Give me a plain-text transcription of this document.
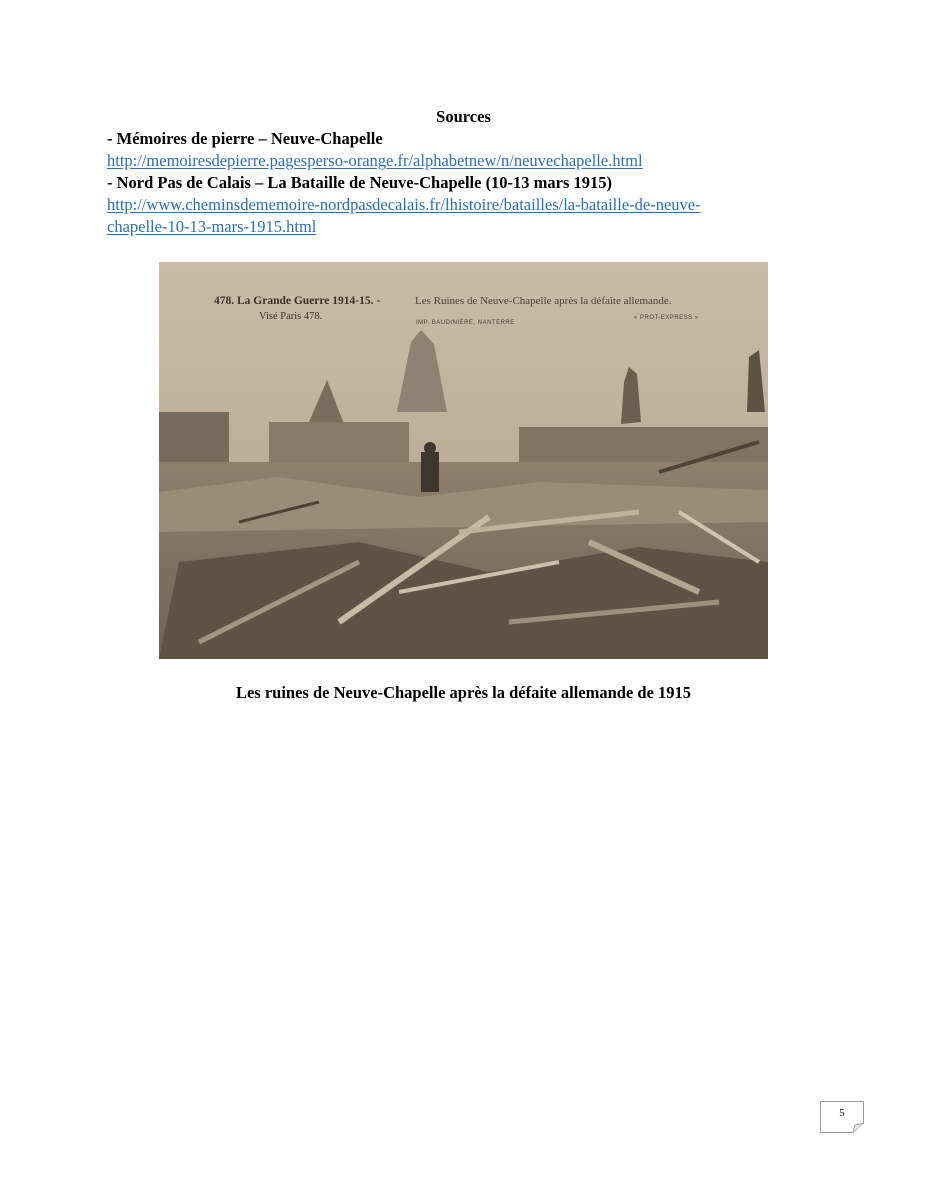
Sources
- Mémoires de pierre – Neuve-Chapelle
http://memoiresdepierre.pagesperso-orange.fr/alphabetnew/n/neuvechapelle.html
- Nord Pas de Calais – La Bataille de Neuve-Chapelle (10-13 mars 1915)
http://www.cheminsdememoire-nordpasdecalais.fr/lhistoire/batailles/la-bataille-de-neuve-
chapelle-10-13-mars-1915.html
478. La Grande Guerre 1914-15. -	Les Ruines de Neuve-Chapelle après la défaite allemande.
Visé Paris 478.
IMP. BAUDINIÈRE, NANTERRE
« PROT-EXPRESS »
Les ruines de Neuve-Chapelle après la défaite allemande de 1915
5
